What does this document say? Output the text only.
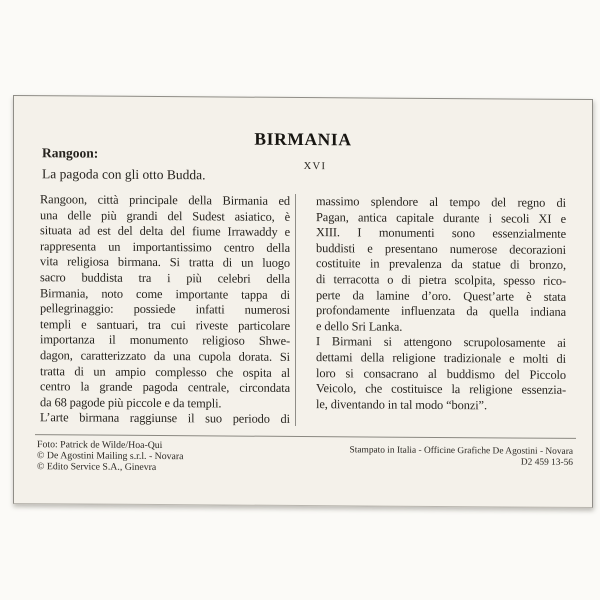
BIRMANIA
XVI
Rangoon:
La pagoda con gli otto Budda.
Rangoon, città principale della Birmania ed
una delle più grandi del Sudest asiatico, è
situata ad est del delta del fiume Irrawaddy e
rappresenta un importantissimo centro della
vita religiosa birmana. Si tratta di un luogo
sacro buddista tra i più celebri della
Birmania, noto come importante tappa di
pellegrinaggio: possiede infatti numerosi
templi e santuari, tra cui riveste particolare
importanza il monumento religioso Shwe-
dagon, caratterizzato da una cupola dorata. Si
tratta di un ampio complesso che ospita al
centro la grande pagoda centrale, circondata
da 68 pagode più piccole e da templi.
L’arte birmana raggiunse il suo periodo di
massimo splendore al tempo del regno di
Pagan, antica capitale durante i secoli XI e
XIII. I monumenti sono essenzialmente
buddisti e presentano numerose decorazioni
costituite in prevalenza da statue di bronzo,
di terracotta o di pietra scolpita, spesso rico-
perte da lamine d’oro. Quest’arte è stata
profondamente influenzata da quella indiana
e dello Sri Lanka.
I Birmani si attengono scrupolosamente ai
dettami della religione tradizionale e molti di
loro si consacrano al buddismo del Piccolo
Veicolo, che costituisce la religione essenzia-
le, diventando in tal modo “bonzi”.
Foto: Patrick de Wilde/Hoa-Qui
© De Agostini Mailing s.r.l. - Novara
© Edito Service S.A., Ginevra
Stampato in Italia - Officine Grafiche De Agostini - Novara
D2 459 13-56
